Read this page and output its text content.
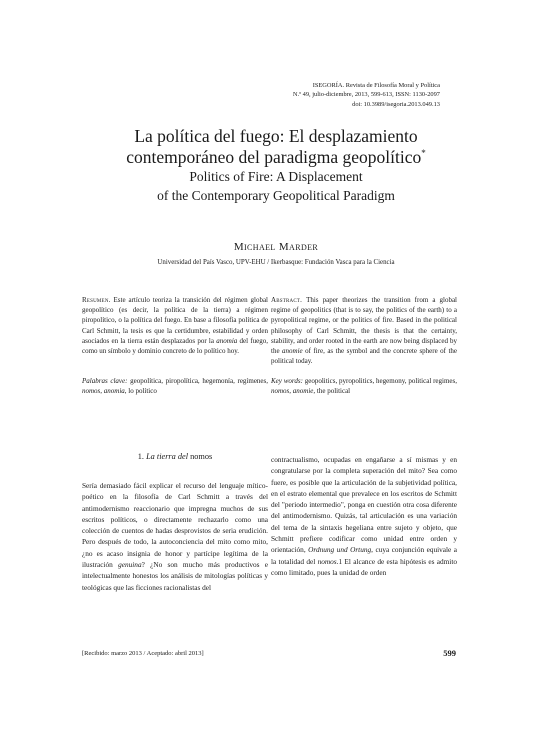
ISEGORÍA. Revista de Filosofía Moral y Política
N.º 49, julio-diciembre, 2013, 599-613, ISSN: 1130-2097
doi: 10.3989/isegoria.2013.049.13
La política del fuego: El desplazamiento
contemporáneo del paradigma geopolítico*
Politics of Fire: A Displacement
of the Contemporary Geopolitical Paradigm
Michael Marder
Universidad del País Vasco, UPV-EHU / Ikerbasque: Fundación Vasca para la Ciencia
Resumen. Este artículo teoriza la transición del régimen global geopolítico (es decir, la política de la tierra) a régimen piropolítico, o la política del fuego. En base a filosofía política de Carl Schmitt, la tesis es que la certidumbre, estabilidad y orden asociados en la tierra están desplazados por la anomia del fuego, como un símbolo y dominio concreto de lo político hoy.
Abstract. This paper theorizes the transition from a global regime of geopolitics (that is to say, the politics of the earth) to a pyropolitical regime, or the politics of fire. Based in the political philosophy of Carl Schmitt, the thesis is that the certainty, stability, and order rooted in the earth are now being displaced by the anomie of fire, as the symbol and the concrete sphere of the political today.
Palabras clave: geopolítica, piropolítica, hegemonía, regímenes, nomos, anomia, lo político
Key words: geopolitics, pyropolitics, hegemony, political regimes, nomos, anomie, the political
1. La tierra del nomos
Sería demasiado fácil explicar el recurso del lenguaje mítico-poético en la filosofía de Carl Schmitt a través del antimodernismo reaccionario que impregna muchos de sus escritos políticos, o directamente rechazarlo como una colección de cuentos de hadas desprovistos de seria erudición. Pero después de todo, la autoconciencia del mito como mito, ¿no es acaso insignia de honor y partícipe legítima de la ilustración genuina? ¿No son mucho más productivos e intelectualmente honestos los análisis de mitologías políticas y teológicas que las ficciones racionalistas del
contractualismo, ocupadas en engañarse a sí mismas y en congratularse por la completa superación del mito? Sea como fuere, es posible que la articulación de la subjetividad política, en el estrato elemental que prevalece en los escritos de Schmitt del "periodo intermedio", ponga en cuestión otra cosa diferente del antimodernismo. Quizás, tal articulación es una variación del tema de la sintaxis hegeliana entre sujeto y objeto, que Schmitt prefiere codificar como unidad entre orden y orientación, Ordnung und Ortung, cuya conjunción equivale a la totalidad del nomos.1 El alcance de esta hipótesis es admito como limitado, pues la unidad de orden
[Recibido: marzo 2013 / Aceptado: abril 2013]	599
